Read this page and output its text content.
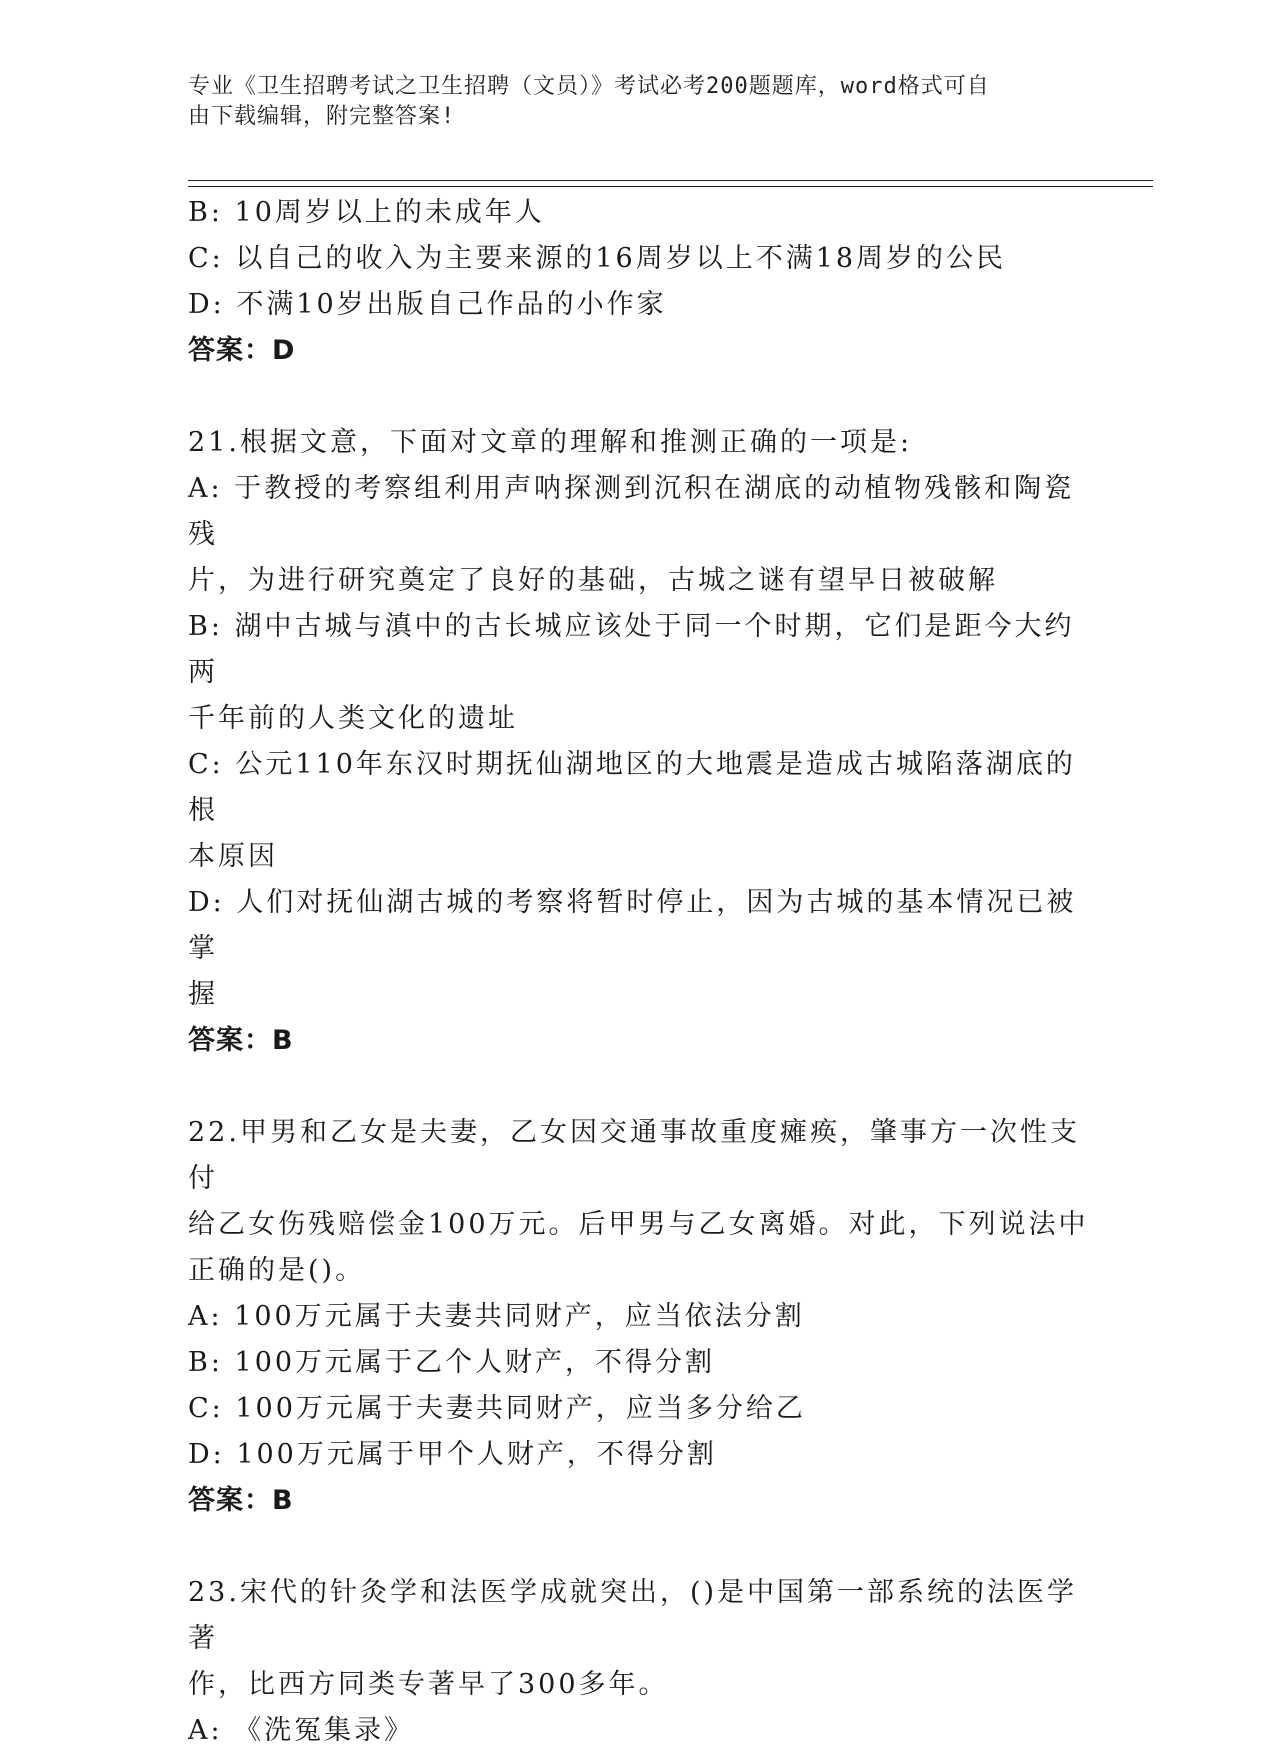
专业《卫生招聘考试之卫生招聘（文员）》考试必考200题题库，word格式可自
由下载编辑，附完整答案!

B: 10周岁以上的未成年人

C: 以自己的收入为主要来源的16周岁以上不满18周岁的公民

D: 不满10岁出版自己作品的小作家

答案：D

21.根据文意，下面对文章的理解和推测正确的一项是:

A: 于教授的考察组利用声呐探测到沉积在湖底的动植物残骸和陶瓷残

片，为进行研究奠定了良好的基础，古城之谜有望早日被破解

B: 湖中古城与滇中的古长城应该处于同一个时期，它们是距今大约两

千年前的人类文化的遗址

C: 公元110年东汉时期抚仙湖地区的大地震是造成古城陷落湖底的根

本原因

D: 人们对抚仙湖古城的考察将暂时停止，因为古城的基本情况已被掌

握

答案：B

22.甲男和乙女是夫妻，乙女因交通事故重度瘫痪，肇事方一次性支付

给乙女伤残赔偿金100万元。后甲男与乙女离婚。对此，下列说法中

正确的是()。

A: 100万元属于夫妻共同财产，应当依法分割

B: 100万元属于乙个人财产，不得分割

C: 100万元属于夫妻共同财产，应当多分给乙

D: 100万元属于甲个人财产，不得分割

答案：B

23.宋代的针灸学和法医学成就突出，()是中国第一部系统的法医学著

作，比西方同类专著早了300多年。

A: 《洗冤集录》
